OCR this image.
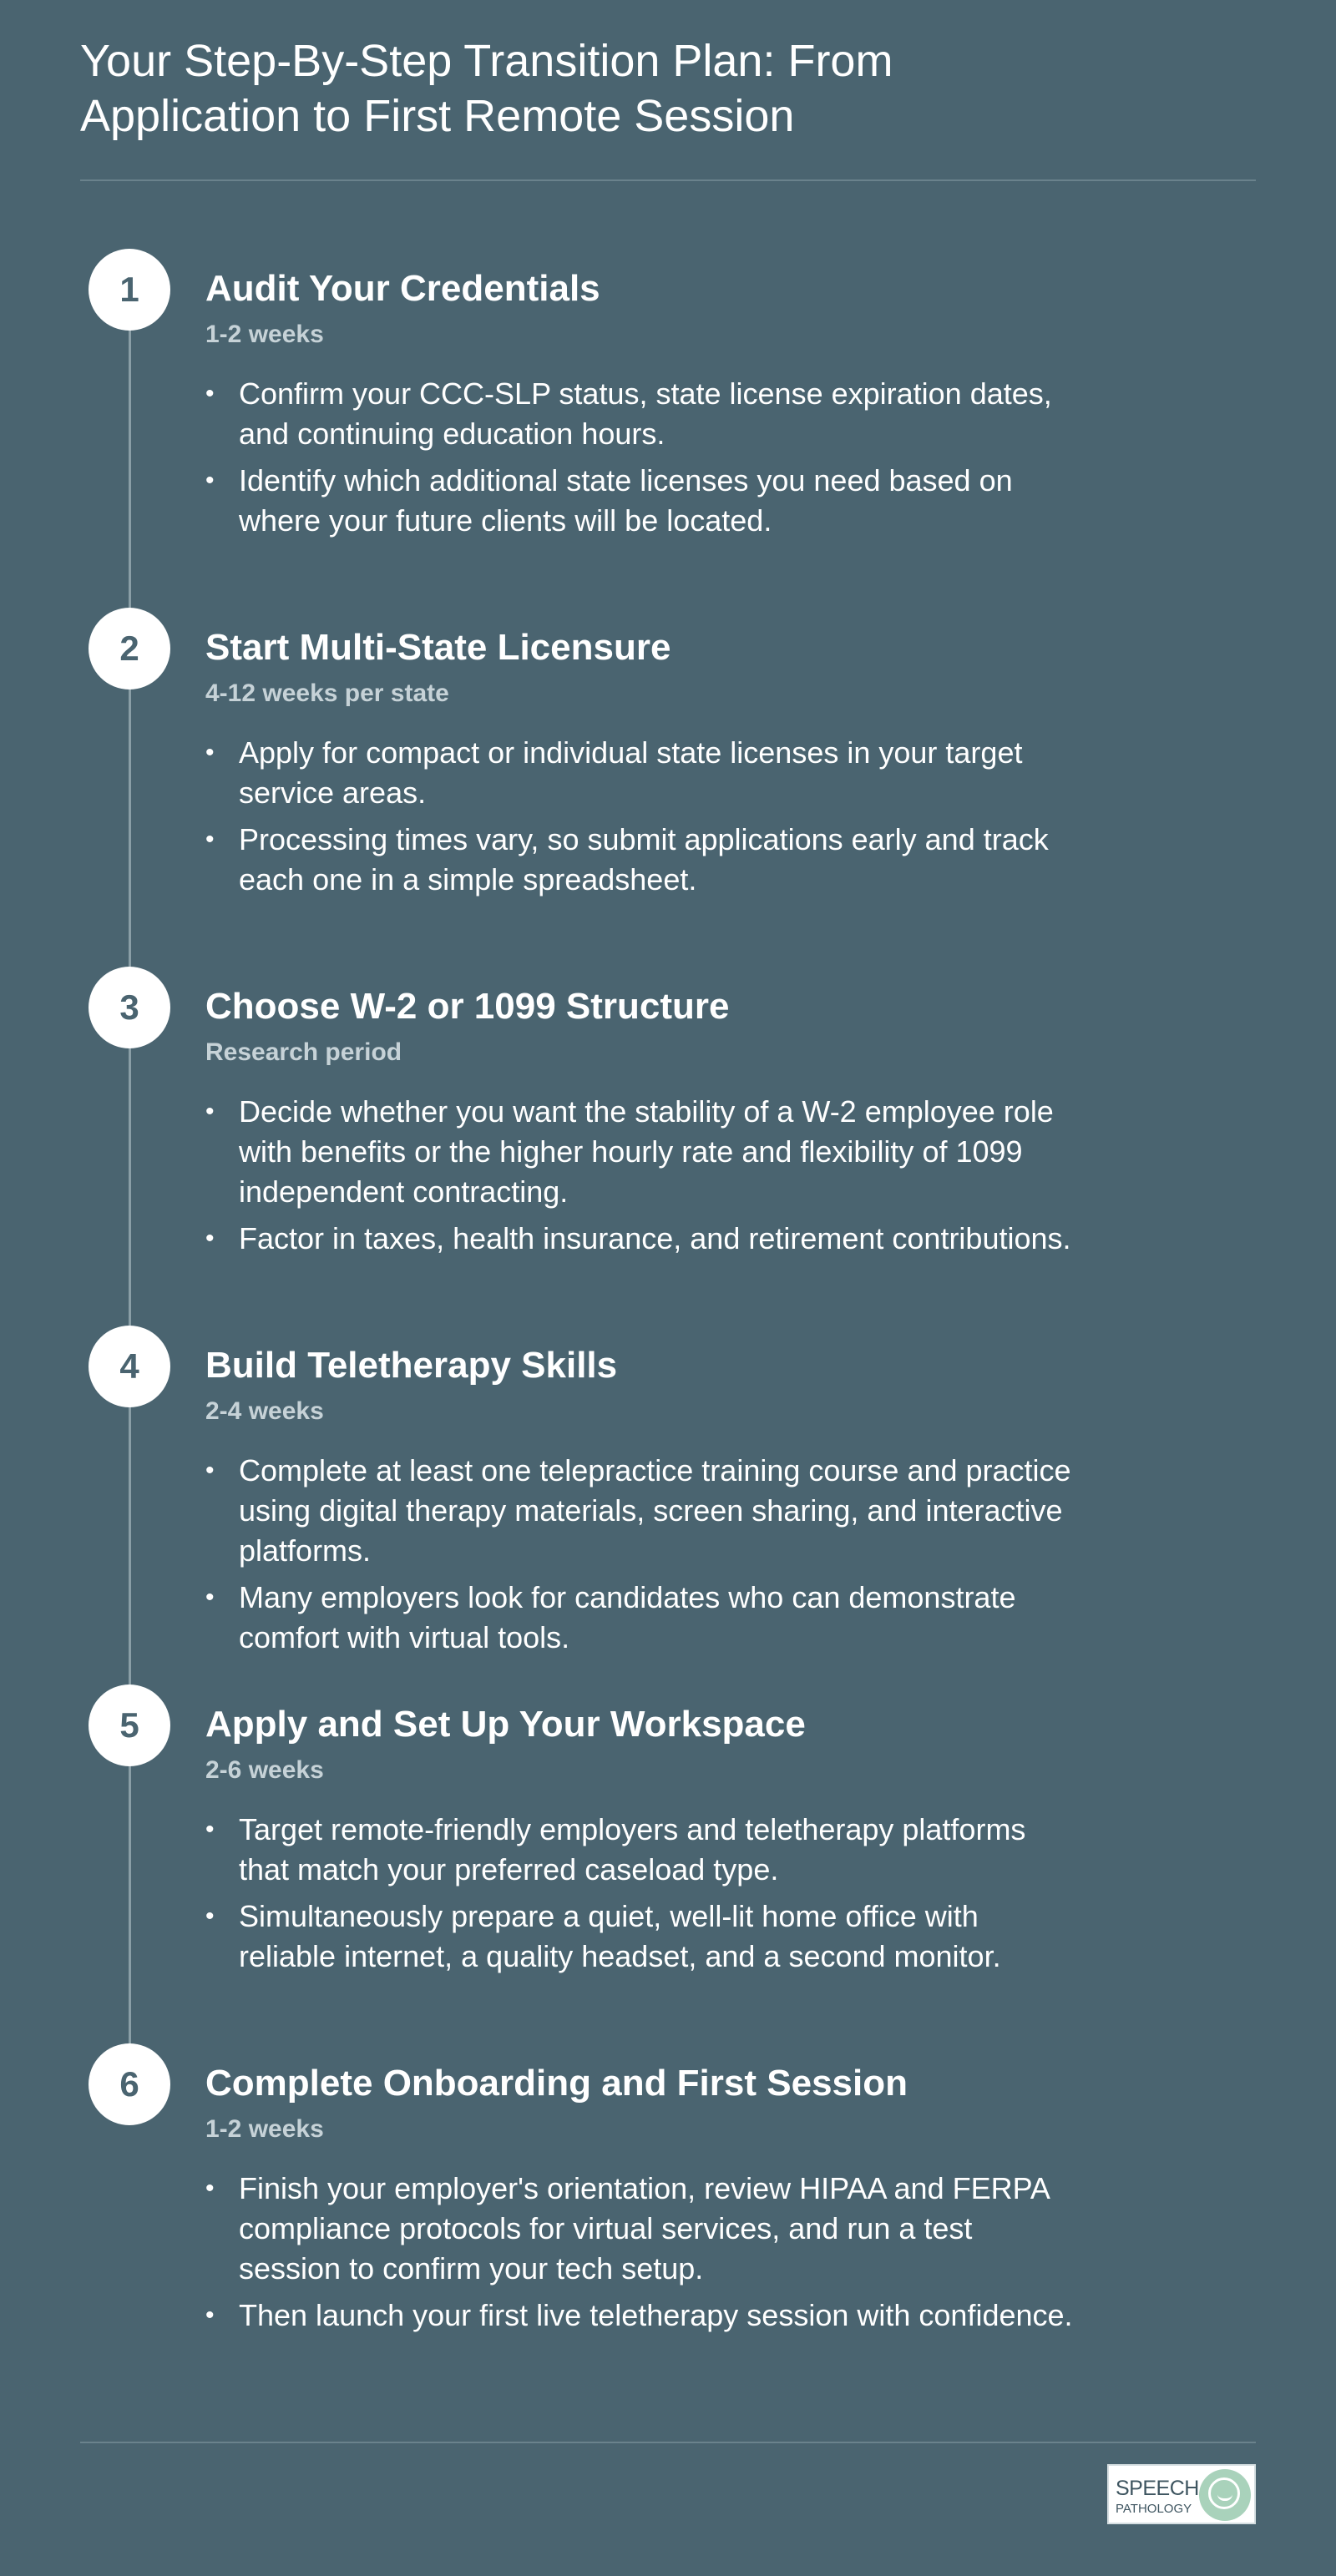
Your Step-By-Step Transition Plan: From Application to First Remote Session
1	Audit Your Credentials
1-2 weeks
• Confirm your CCC-SLP status, state license expiration dates, and continuing education hours.
• Identify which additional state licenses you need based on where your future clients will be located.
2	Start Multi-State Licensure
4-12 weeks per state
• Apply for compact or individual state licenses in your target service areas.
• Processing times vary, so submit applications early and track each one in a simple spreadsheet.
3	Choose W-2 or 1099 Structure
Research period
• Decide whether you want the stability of a W-2 employee role with benefits or the higher hourly rate and flexibility of 1099 independent contracting.
• Factor in taxes, health insurance, and retirement contributions.
4	Build Teletherapy Skills
2-4 weeks
• Complete at least one telepractice training course and practice using digital therapy materials, screen sharing, and interactive platforms.
• Many employers look for candidates who can demonstrate comfort with virtual tools.
5	Apply and Set Up Your Workspace
2-6 weeks
• Target remote-friendly employers and teletherapy platforms that match your preferred caseload type.
• Simultaneously prepare a quiet, well-lit home office with reliable internet, a quality headset, and a second monitor.
6	Complete Onboarding and First Session
1-2 weeks
• Finish your employer's orientation, review HIPAA and FERPA compliance protocols for virtual services, and run a test session to confirm your tech setup.
• Then launch your first live teletherapy session with confidence.
SPEECH
PATHOLOGY
